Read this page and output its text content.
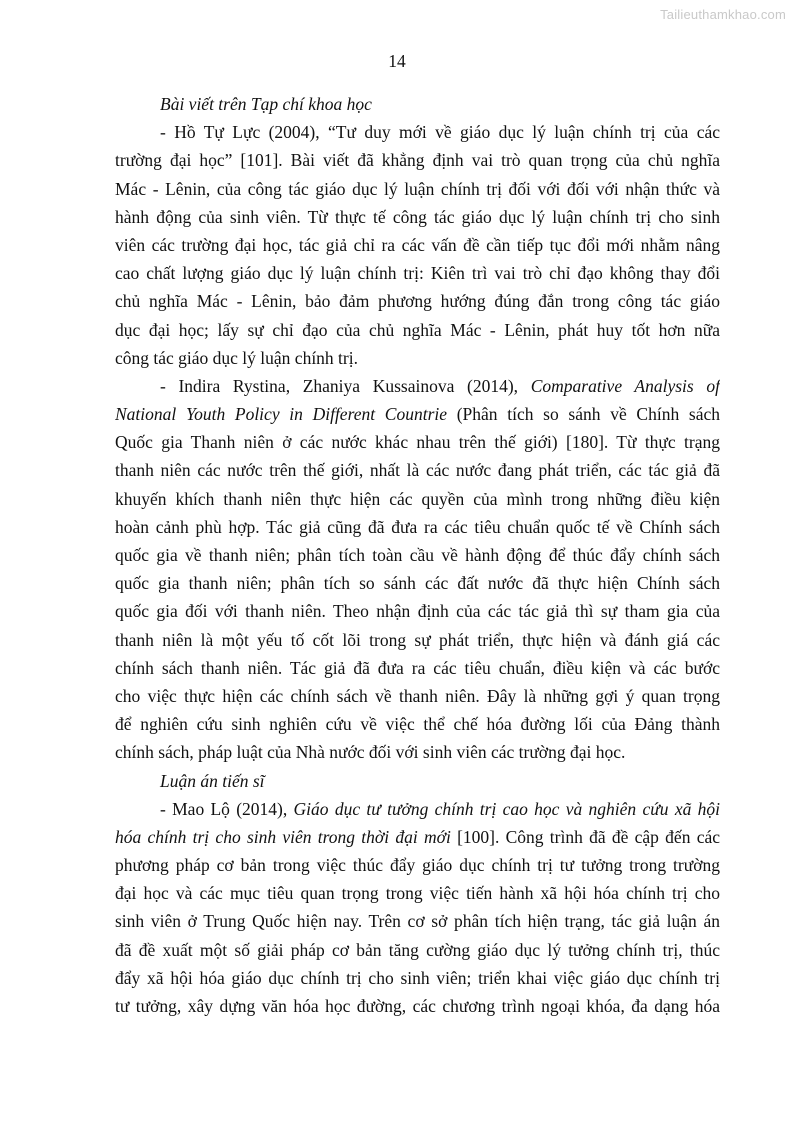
Tailieuthamkhao.com
14
Bài viết trên Tạp chí khoa học
- Hồ Tự Lực (2004), “Tư duy mới về giáo dục lý luận chính trị của các
trường đại học” [101]. Bài viết đã khẳng định vai trò quan trọng của chủ nghĩa
Mác - Lênin, của công tác giáo dục lý luận chính trị đối với đối với nhận thức và
hành động của sinh viên. Từ thực tế công tác giáo dục lý luận chính trị cho sinh
viên các trường đại học, tác giả chỉ ra các vấn đề cần tiếp tục đổi mới nhằm nâng
cao chất lượng giáo dục lý luận chính trị: Kiên trì vai trò chỉ đạo không thay đổi
chủ nghĩa Mác - Lênin, bảo đảm phương hướng đúng đắn trong công tác giáo
dục đại học; lấy sự chỉ đạo của chủ nghĩa Mác - Lênin, phát huy tốt hơn nữa
công tác giáo dục lý luận chính trị.
- Indira Rystina, Zhaniya Kussainova (2014), Comparative Analysis of
National Youth Policy in Different Countrie (Phân tích so sánh về Chính sách
Quốc gia Thanh niên ở các nước khác nhau trên thế giới) [180]. Từ thực trạng
thanh niên các nước trên thế giới, nhất là các nước đang phát triển, các tác giả đã
khuyến khích thanh niên thực hiện các quyền của mình trong những điều kiện
hoàn cảnh phù hợp. Tác giả cũng đã đưa ra các tiêu chuẩn quốc tế về Chính sách
quốc gia về thanh niên; phân tích toàn cầu về hành động để thúc đẩy chính sách
quốc gia thanh niên; phân tích so sánh các đất nước đã thực hiện Chính sách
quốc gia đối với thanh niên. Theo nhận định của các tác giả thì sự tham gia của
thanh niên là một yếu tố cốt lõi trong sự phát triển, thực hiện và đánh giá các
chính sách thanh niên. Tác giả đã đưa ra các tiêu chuẩn, điều kiện và các bước
cho việc thực hiện các chính sách về thanh niên. Đây là những gợi ý quan trọng
để nghiên cứu sinh nghiên cứu về việc thể chế hóa đường lối của Đảng thành
chính sách, pháp luật của Nhà nước đối với sinh viên các trường đại học.
Luận án tiến sĩ
- Mao Lộ (2014), Giáo dục tư tưởng chính trị cao học và nghiên cứu xã hội
hóa chính trị cho sinh viên trong thời đại mới [100]. Công trình đã đề cập đến các
phương pháp cơ bản trong việc thúc đẩy giáo dục chính trị tư tưởng trong trường
đại học và các mục tiêu quan trọng trong việc tiến hành xã hội hóa chính trị cho
sinh viên ở Trung Quốc hiện nay. Trên cơ sở phân tích hiện trạng, tác giả luận án
đã đề xuất một số giải pháp cơ bản tăng cường giáo dục lý tưởng chính trị, thúc
đẩy xã hội hóa giáo dục chính trị cho sinh viên; triển khai việc giáo dục chính trị
tư tưởng, xây dựng văn hóa học đường, các chương trình ngoại khóa, đa dạng hóa
